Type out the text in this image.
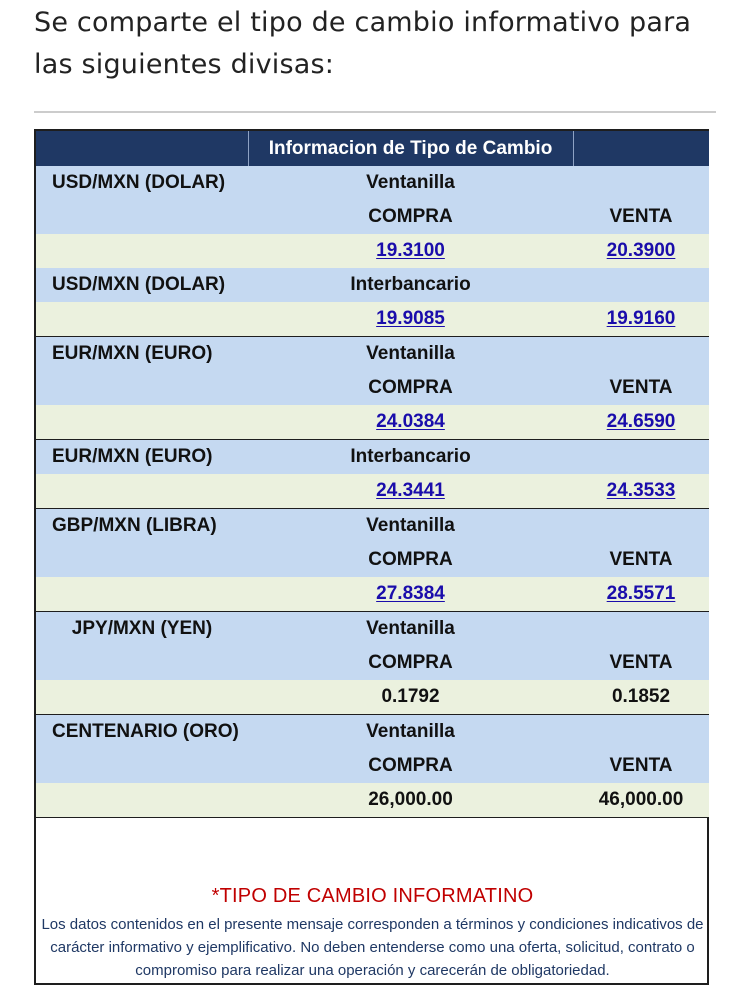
Se comparte el tipo de cambio informativo para las siguientes divisas:
	Informacion de Tipo de Cambio	
USD/MXN (DOLAR)	Ventanilla	
	COMPRA	VENTA
	19.3100	20.3900
USD/MXN (DOLAR)	Interbancario	
	19.9085	19.9160
EUR/MXN (EURO)	Ventanilla	
	COMPRA	VENTA
	24.0384	24.6590
EUR/MXN (EURO)	Interbancario	
	24.3441	24.3533
GBP/MXN (LIBRA)	Ventanilla	
	COMPRA	VENTA
	27.8384	28.5571
JPY/MXN (YEN)	Ventanilla	
	COMPRA	VENTA
	0.1792	0.1852
CENTENARIO (ORO)	Ventanilla	
	COMPRA	VENTA
	26,000.00	46,000.00
*TIPO DE CAMBIO INFORMATINO
Los datos contenidos en el presente mensaje corresponden a términos y condiciones indicativos de carácter informativo y ejemplificativo. No deben entenderse como una oferta, solicitud, contrato o compromiso para realizar una operación y carecerán de obligatoriedad.
